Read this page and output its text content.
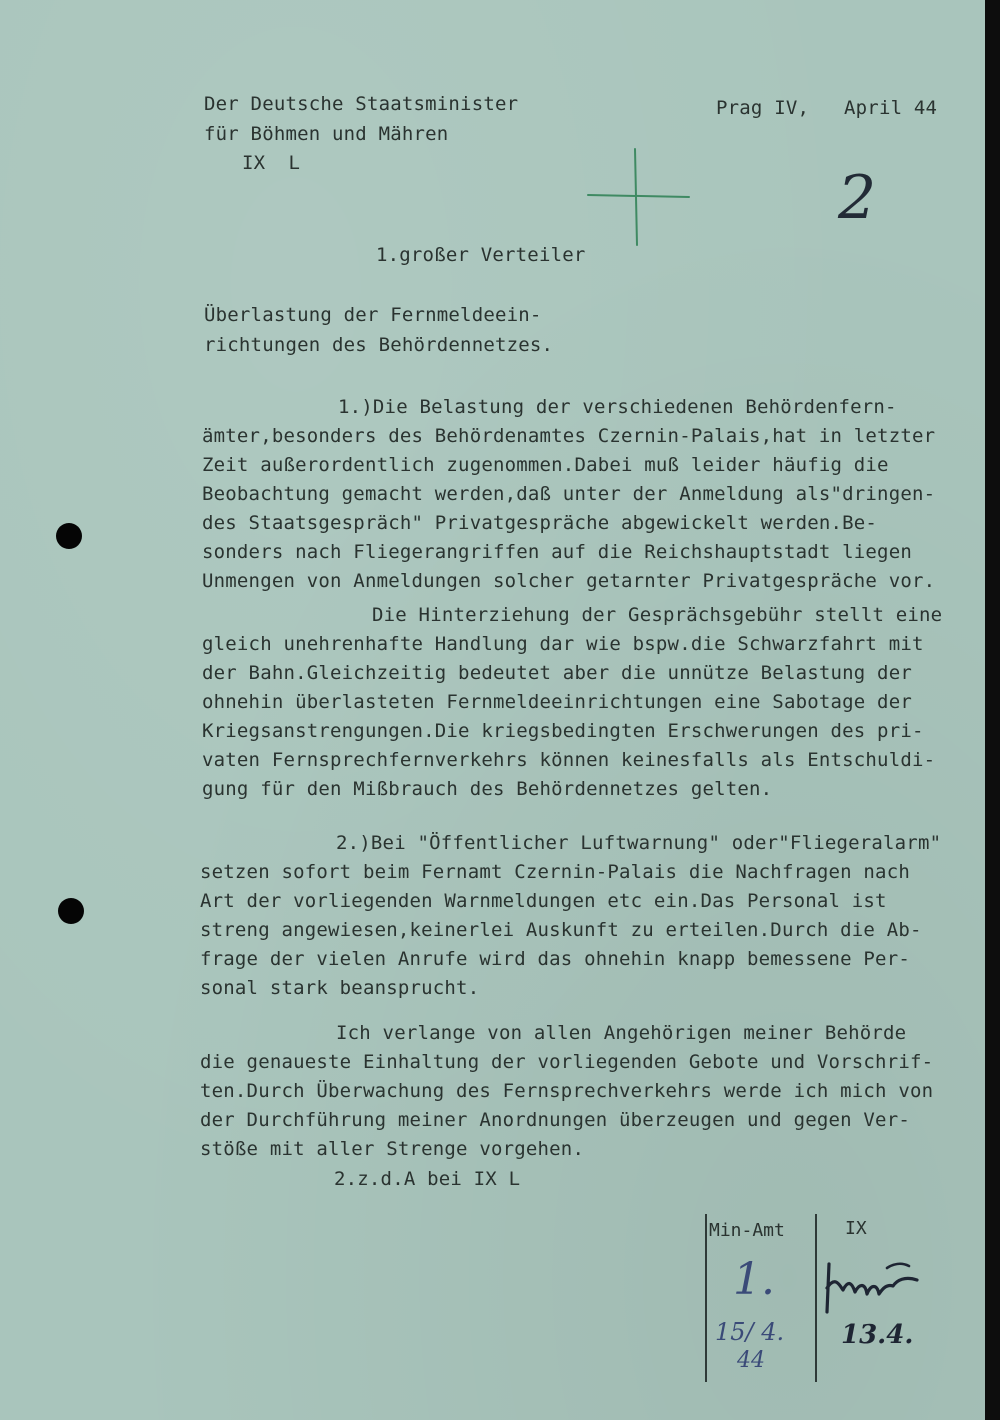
Der Deutsche Staatsminister
für Böhmen und Mähren
IX  L
Prag IV,   April 44
2
1.großer Verteiler
Überlastung der Fernmeldeein-
richtungen des Behördennetzes.
1.)Die Belastung der verschiedenen Behördenfern-
ämter,besonders des Behördenamtes Czernin-Palais,hat in letzter
Zeit außerordentlich zugenommen.Dabei muß leider häufig die
Beobachtung gemacht werden,daß unter der Anmeldung als"dringen-
des Staatsgespräch" Privatgespräche abgewickelt werden.Be-
sonders nach Fliegerangriffen auf die Reichshauptstadt liegen
Unmengen von Anmeldungen solcher getarnter Privatgespräche vor.
Die Hinterziehung der Gesprächsgebühr stellt eine
gleich unehrenhafte Handlung dar wie bspw.die Schwarzfahrt mit
der Bahn.Gleichzeitig bedeutet aber die unnütze Belastung der
ohnehin überlasteten Fernmeldeeinrichtungen eine Sabotage der
Kriegsanstrengungen.Die kriegsbedingten Erschwerungen des pri-
vaten Fernsprechfernverkehrs können keinesfalls als Entschuldi-
gung für den Mißbrauch des Behördennetzes gelten.
2.)Bei "Öffentlicher Luftwarnung" oder"Fliegeralarm"
setzen sofort beim Fernamt Czernin-Palais die Nachfragen nach
Art der vorliegenden Warnmeldungen etc ein.Das Personal ist
streng angewiesen,keinerlei Auskunft zu erteilen.Durch die Ab-
frage der vielen Anrufe wird das ohnehin knapp bemessene Per-
sonal stark beansprucht.
Ich verlange von allen Angehörigen meiner Behörde
die genaueste Einhaltung der vorliegenden Gebote und Vorschrif-
ten.Durch Überwachung des Fernsprechverkehrs werde ich mich von
der Durchführung meiner Anordnungen überzeugen und gegen Ver-
stöße mit aller Strenge vorgehen.
2.z.d.A bei IX L
Min-Amt	IX
1.
15/ 4.
44
13.4.
